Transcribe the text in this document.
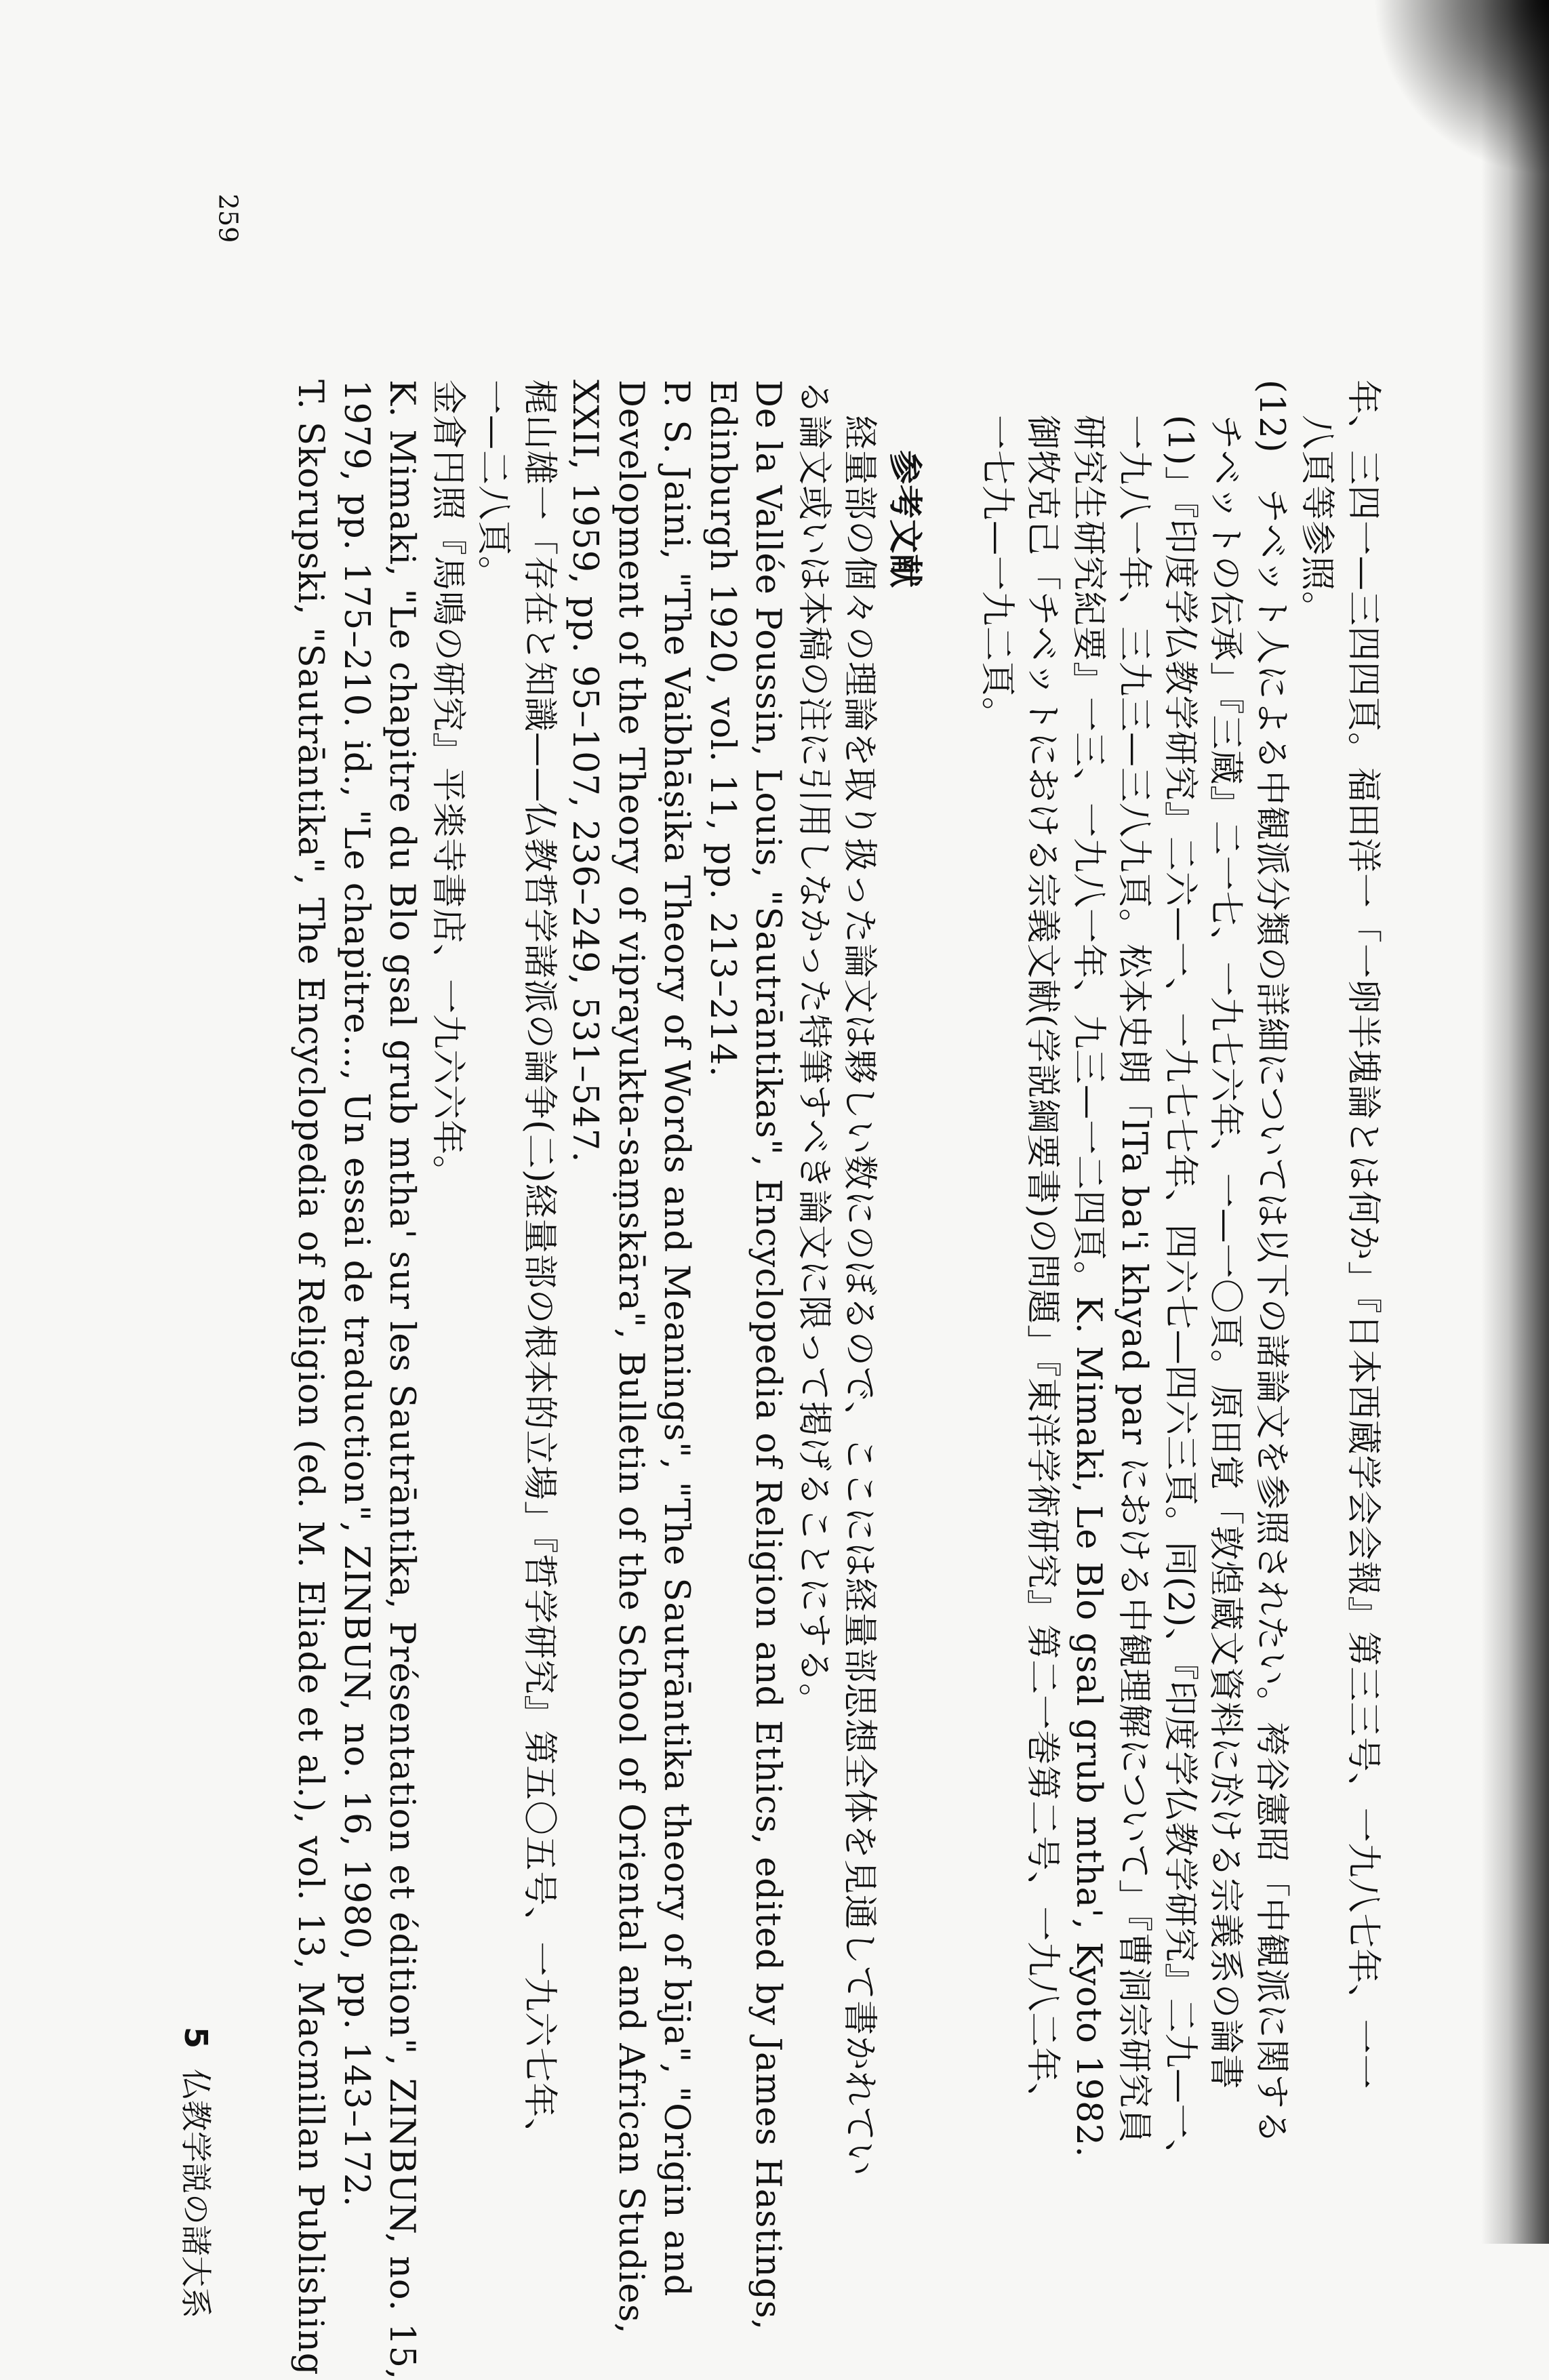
259
年、三四一—三四四頁。福田洋一「一卵半塊論とは何か」『日本西蔵学会会報』第三三号、一九八七年、一一
八頁等参照。
(12)　チベット人による中観派分類の詳細については以下の諸論文を参照されたい。袴谷憲昭「中観派に関する
チベットの伝承」『三蔵』二一七、一九七六年、一—一〇頁。原田覚「敦煌蔵文資料に於ける宗義系の論書
(1)」『印度学仏教学研究』二六—一、一九七七年、四六七—四六三頁。同(2)、『印度学仏教学研究』二九—一、
一九八一年、三九三—三八九頁。松本史朗「lTa ba'i khyad par における中観理解について」『曹洞宗研究員
研究生研究紀要』一三、一九八一年、九三—一二四頁。K. Mimaki, Le Blo gsal grub mtha', Kyoto 1982.
御牧克己「チベットにおける宗義文献(学説綱要書)の問題」『東洋学術研究』第二一巻第二号、一九八二年、
一七九—一九二頁。
参考文献
経量部の個々の理論を取り扱った論文は夥しい数にのぼるので、ここには経量部思想全体を見通して書かれてい
る論文或いは本稿の注に引用しなかった特筆すべき論文に限って掲げることにする。
De la Vallée Poussin, Louis, "Sautrāntikas", Encyclopedia of Religion and Ethics, edited by James Hastings,
Edinburgh 1920, vol. 11, pp. 213–214.
P. S. Jaini, "The Vaibhāṣika Theory of Words and Meanings", "The Sautrāntika theory of bīja", "Origin and
Development of the Theory of viprayukta-saṃskāra", Bulletin of the School of Oriental and African Studies,
XXII, 1959, pp. 95–107, 236–249, 531–547.
梶山雄一「存在と知識——仏教哲学諸派の論争(二)経量部の根本的立場」『哲学研究』第五〇五号、一九六七年、
一—二八頁。
金倉円照『馬鳴の研究』平楽寺書店、一九六六年。
K. Mimaki, "Le chapitre du Blo gsal grub mtha' sur les Sautrāntika, Présentation et édition", ZINBUN, no. 15,
1979, pp. 175–210. id., "Le chapitre…, Un essai de traduction", ZINBUN, no. 16, 1980, pp. 143–172.
T. Skorupski, "Sautrāntika", The Encyclopedia of Religion (ed. M. Eliade et al.), vol. 13, Macmillan Publishing
5仏教学説の諸大系
